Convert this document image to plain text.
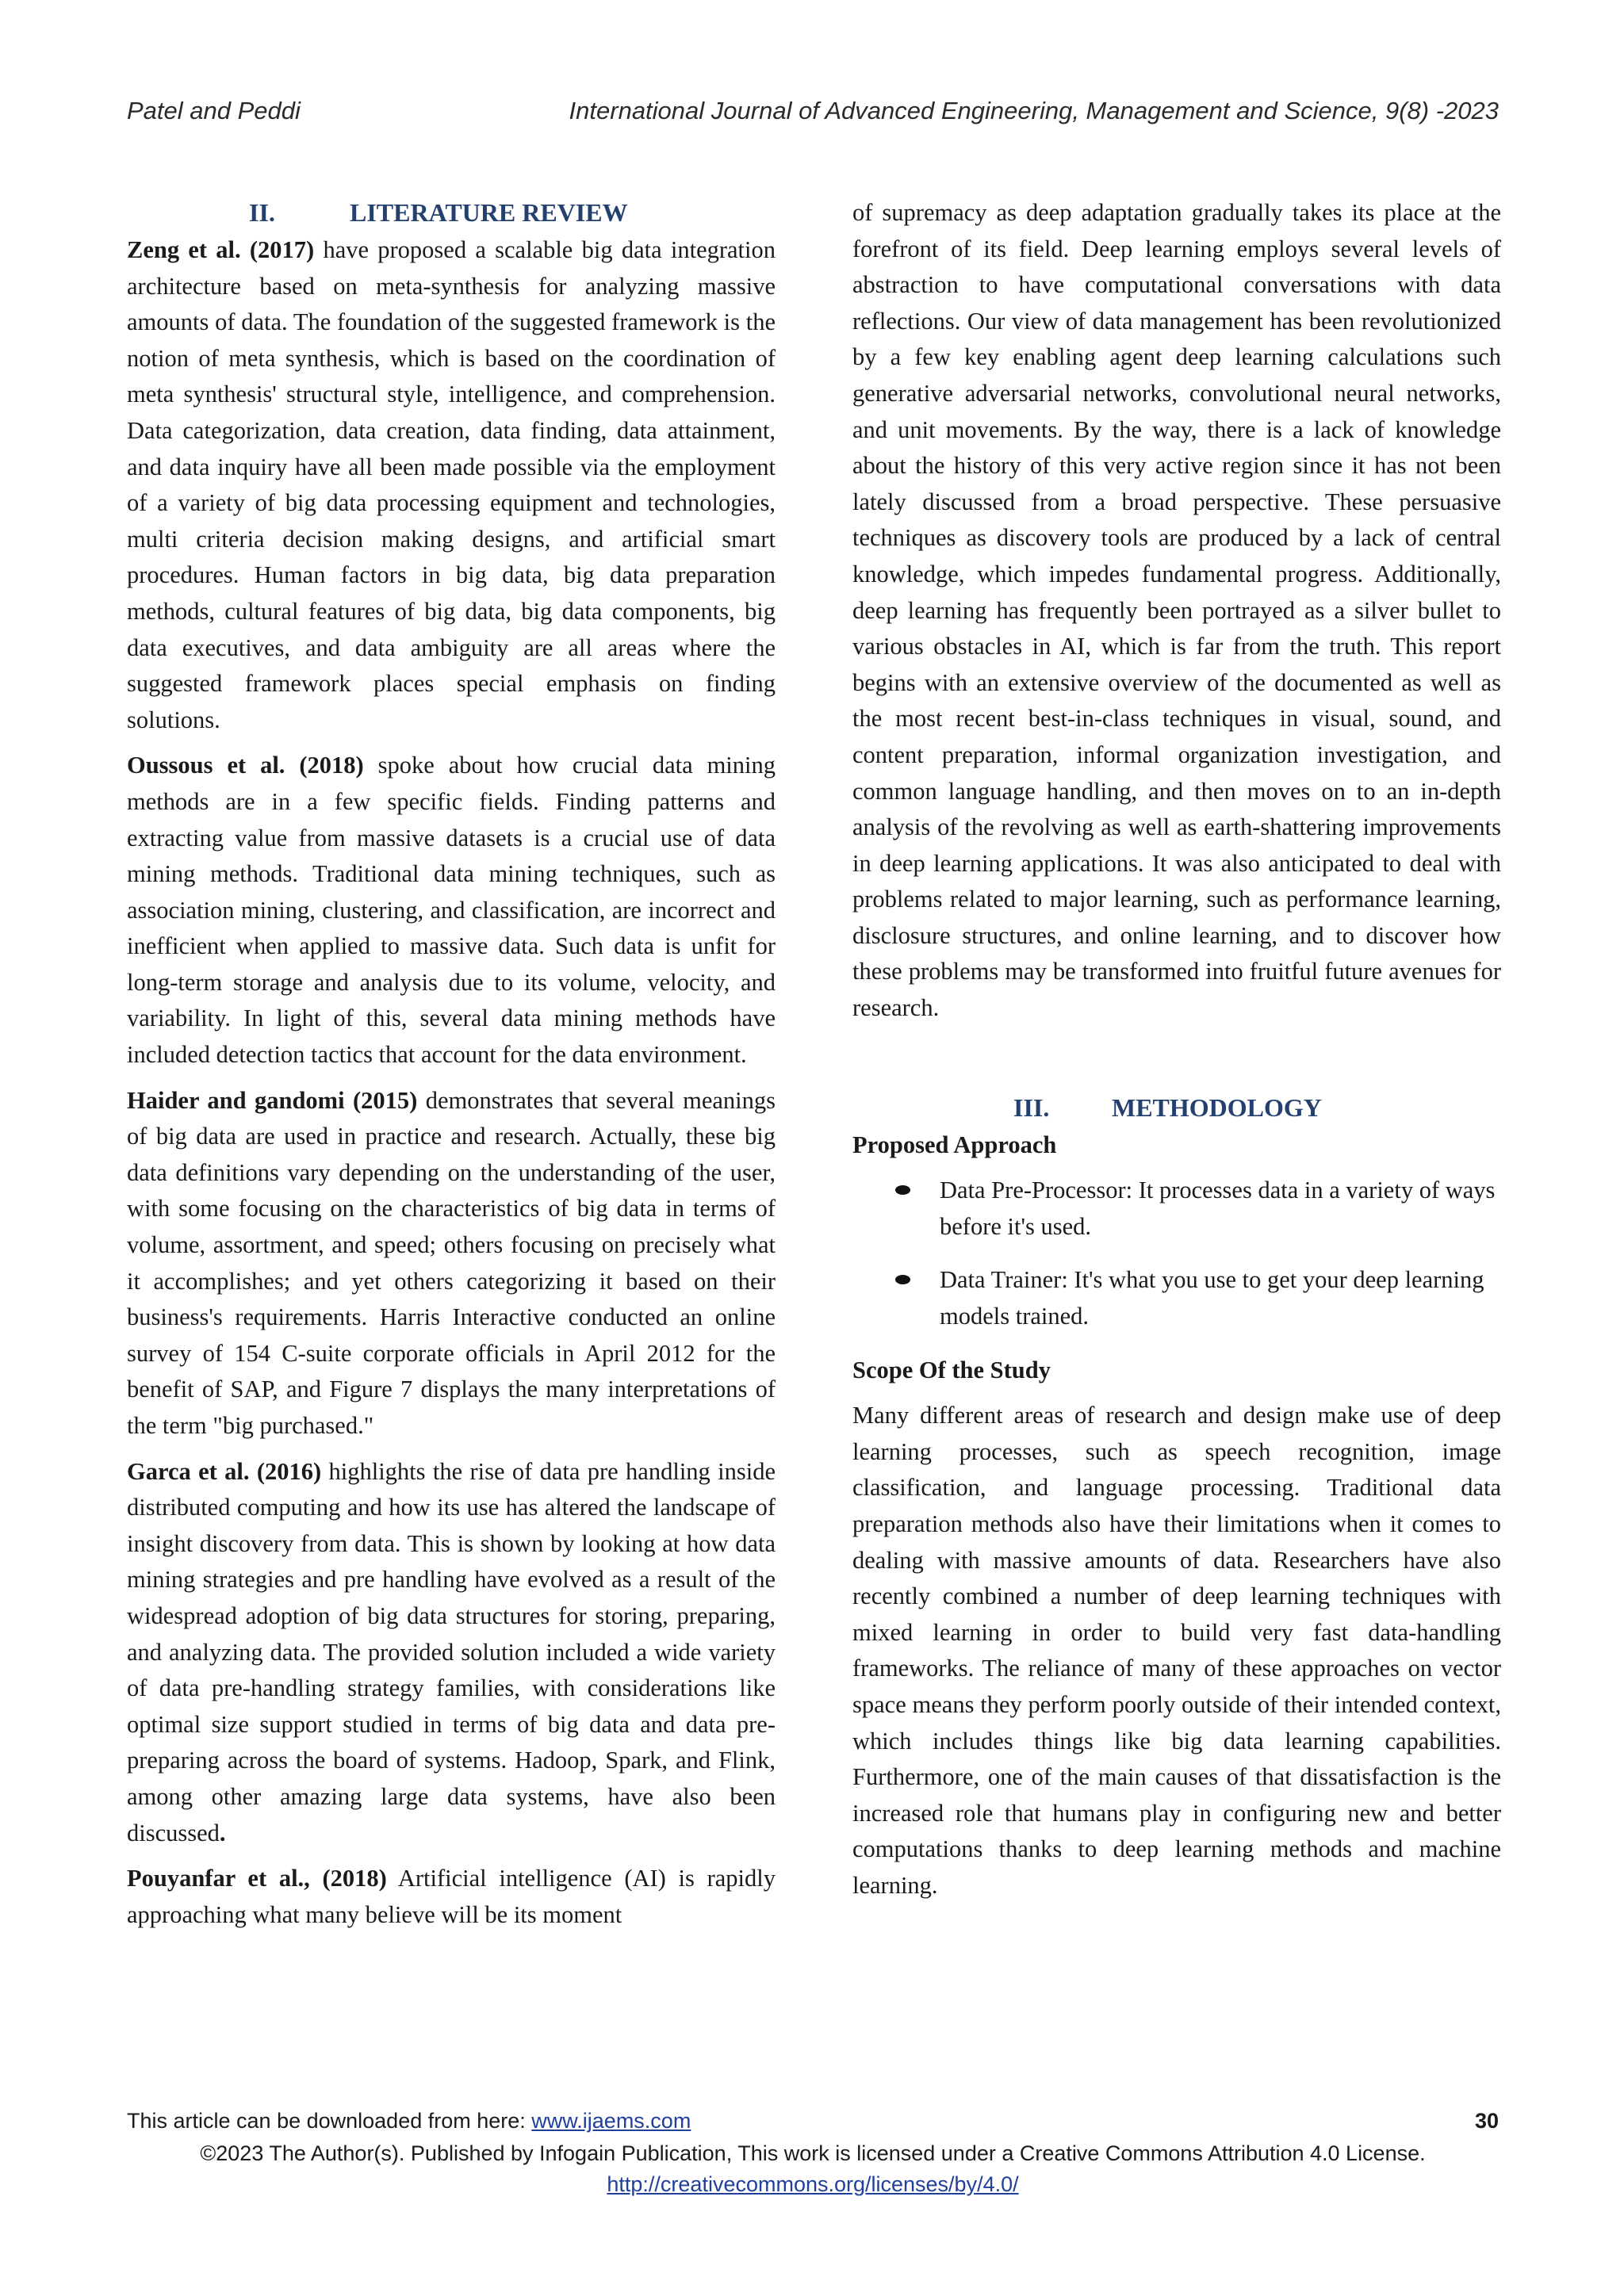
Patel and Peddi	International Journal of Advanced Engineering, Management and Science, 9(8) -2023
II.	LITERATURE REVIEW

Zeng et al. (2017) have proposed a scalable big data integration architecture based on meta-synthesis for analyzing massive amounts of data. The foundation of the suggested framework is the notion of meta synthesis, which is based on the coordination of meta synthesis' structural style, intelligence, and comprehension. Data categorization, data creation, data finding, data attainment, and data inquiry have all been made possible via the employment of a variety of big data processing equipment and technologies, multi criteria decision making designs, and artificial smart procedures. Human factors in big data, big data preparation methods, cultural features of big data, big data components, big data executives, and data ambiguity are all areas where the suggested framework places special emphasis on finding solutions.

Oussous et al. (2018) spoke about how crucial data mining methods are in a few specific fields. Finding patterns and extracting value from massive datasets is a crucial use of data mining methods. Traditional data mining techniques, such as association mining, clustering, and classification, are incorrect and inefficient when applied to massive data. Such data is unfit for long-term storage and analysis due to its volume, velocity, and variability. In light of this, several data mining methods have included detection tactics that account for the data environment.

Haider and gandomi (2015) demonstrates that several meanings of big data are used in practice and research. Actually, these big data definitions vary depending on the understanding of the user, with some focusing on the characteristics of big data in terms of volume, assortment, and speed; others focusing on precisely what it accomplishes; and yet others categorizing it based on their business's requirements. Harris Interactive conducted an online survey of 154 C-suite corporate officials in April 2012 for the benefit of SAP, and Figure 7 displays the many interpretations of the term "big purchased."

Garca et al. (2016) highlights the rise of data pre handling inside distributed computing and how its use has altered the landscape of insight discovery from data. This is shown by looking at how data mining strategies and pre handling have evolved as a result of the widespread adoption of big data structures for storing, preparing, and analyzing data. The provided solution included a wide variety of data pre-handling strategy families, with considerations like optimal size support studied in terms of big data and data pre-preparing across the board of systems. Hadoop, Spark, and Flink, among other amazing large data systems, have also been discussed.

Pouyanfar et al., (2018) Artificial intelligence (AI) is rapidly approaching what many believe will be its moment

of supremacy as deep adaptation gradually takes its place at the forefront of its field. Deep learning employs several levels of abstraction to have computational conversations with data reflections. Our view of data management has been revolutionized by a few key enabling agent deep learning calculations such generative adversarial networks, convolutional neural networks, and unit movements. By the way, there is a lack of knowledge about the history of this very active region since it has not been lately discussed from a broad perspective. These persuasive techniques as discovery tools are produced by a lack of central knowledge, which impedes fundamental progress. Additionally, deep learning has frequently been portrayed as a silver bullet to various obstacles in AI, which is far from the truth. This report begins with an extensive overview of the documented as well as the most recent best-in-class techniques in visual, sound, and content preparation, informal organization investigation, and common language handling, and then moves on to an in-depth analysis of the revolving as well as earth-shattering improvements in deep learning applications. It was also anticipated to deal with problems related to major learning, such as performance learning, disclosure structures, and online learning, and to discover how these problems may be transformed into fruitful future avenues for research.

III. METHODOLOGY

Proposed Approach

Data Pre-Processor: It processes data in a variety of ways before it's used.
Data Trainer: It's what you use to get your deep learning models trained.

Scope Of the Study

Many different areas of research and design make use of deep learning processes, such as speech recognition, image classification, and language processing. Traditional data preparation methods also have their limitations when it comes to dealing with massive amounts of data. Researchers have also recently combined a number of deep learning techniques with mixed learning in order to build very fast data-handling frameworks. The reliance of many of these approaches on vector space means they perform poorly outside of their intended context, which includes things like big data learning capabilities. Furthermore, one of the main causes of that dissatisfaction is the increased role that humans play in configuring new and better computations thanks to deep learning methods and machine learning.

This article can be downloaded from here: www.ijaems.com	30
©2023 The Author(s). Published by Infogain Publication, This work is licensed under a Creative Commons Attribution 4.0 License.
http://creativecommons.org/licenses/by/4.0/
